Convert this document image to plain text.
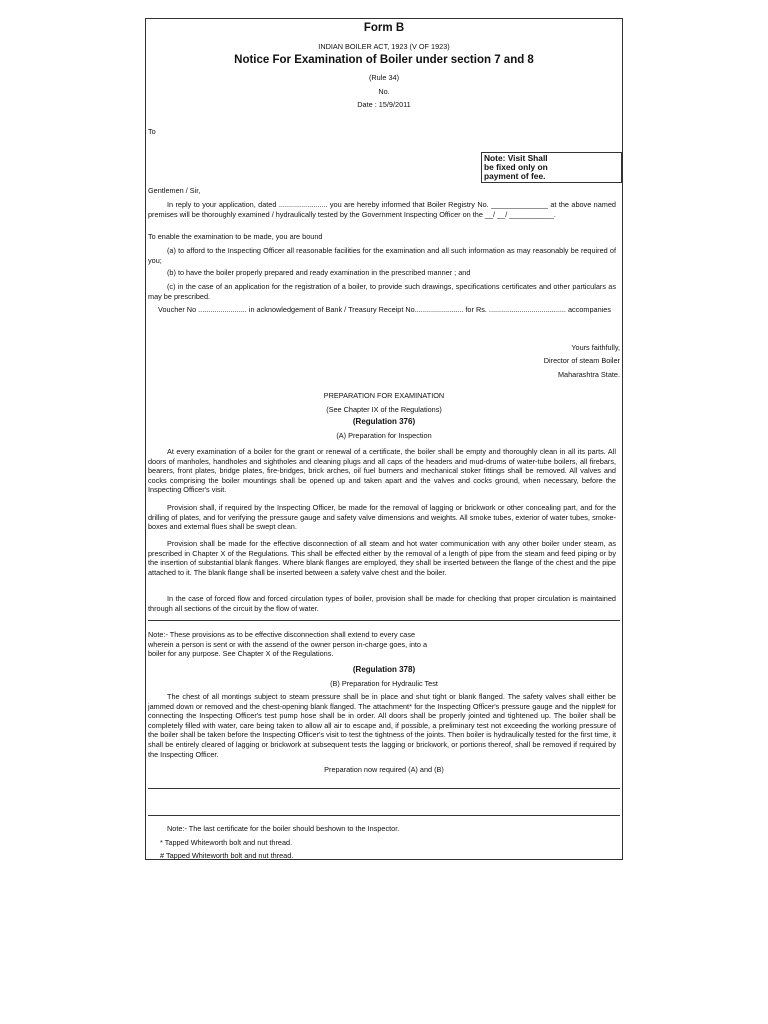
Form B
INDIAN BOILER ACT, 1923 (V OF 1923)
Notice For Examination of Boiler under section 7 and 8
(Rule 34)
No.
Date : 15/9/2011
To
Note: Visit Shall
be fixed only on
payment of fee.
Gentlemen / Sir,
In reply to your application, dated ........................ you are hereby informed that Boiler Registry No. ______________ at the above named premises will be thoroughly examined / hydraulically tested by the Government Inspecting Officer on the __/ __/ ___________.
To enable the examination to be made, you are bound
(a) to afford to the Inspecting Officer all reasonable facilities for the examination and all such information as may reasonably be required of you;
(b) to have the boiler properly prepared and ready examination in the prescribed manner ; and
(c) in the case of an application for the registration of a boiler, to provide such drawings, specifications certificates and other particulars as may be prescribed.
Voucher No ........................ in acknowledgement of Bank / Treasury Receipt No........................ for Rs. ...................................... accompanies
Yours faithfully,
Director of steam Boiler
Maharashtra State.
PREPARATION FOR EXAMINATION
(See Chapter IX of the Regulations)
(Regulation 376)
(A) Preparation for Inspection
At every examination of a boiler for the grant or renewal of a certificate, the boiler shall be empty and thoroughly clean in all its parts. All doors of manholes, handholes and sightholes and cleaning plugs and all caps of the headers and mud-drums of water-tube boilers, all firebars, bearers, front plates, bridge plates, fire-bridges, brick arches, oil fuel burners and mechanical stoker fittings shall be removed. All valves and cocks comprising the boiler mountings shall be opened up and taken apart and the valves and cocks ground, when necessary, before the Inspecting Officer's visit.
Provision shall, if required by the Inspecting Officer, be made for the removal of lagging or brickwork or other concealing part, and for the drilling of plates, and for verifying the pressure gauge and safety valve dimensions and weights. All smoke tubes, exterior of water tubes, smoke-boxes and external flues shall be swept clean.
Provision shall be made for the effective disconnection of all steam and hot water communication with any other boiler under steam, as prescribed in Chapter X of the Regulations. This shall be effected either by the removal of a length of pipe from the steam and feed piping or by the insertion of substantial blank flanges. Where blank flanges are employed, they shall be inserted between the flange of the chest and the pipe attached to it. The blank flange shall be inserted between a safety valve chest and the boiler.
In the case of forced flow and forced circulation types of boiler, provision shall be made for checking that proper circulation is maintained through all sections of the circuit by the flow of water.
Note:- These provisions as to be effective disconnection shall extend to every case
wherein a person is sent or with the assend of the owner person in-charge goes, into a
boiler for any purpose. See Chapter X of the Regulations.
(Regulation 378)
(B) Preparation for Hydraulic Test
The chest of all montings subject to steam pressure shall be in place and shut tight or blank flanged. The safety valves shall either be jammed down or removed and the chest-opening blank flanged. The attachment* for the Inspecting Officer's pressure gauge and the nipple# for connecting the Inspecting Officer's test pump hose shall be in order. All doors shall be properly jointed and tightened up. The boiler shall be completely filled with water, care being taken to allow all air to escape and, if possible, a preliminary test not exceeding the working pressure of the boiler shall be taken before the Inspecting Officer's visit to test the tightness of the joints. Then boiler is hydraulically tested for the first time, it shall be entirely cleared of lagging or brickwork at subsequent tests the lagging or brickwork, or portions thereof, shall be removed if required by the Inspecting Officer.
Preparation now required (A) and (B)
Note:- The last certificate for the boiler should beshown to the Inspector.
* Tapped Whiteworth bolt and nut thread.
# Tapped Whiteworth bolt and nut thread.
